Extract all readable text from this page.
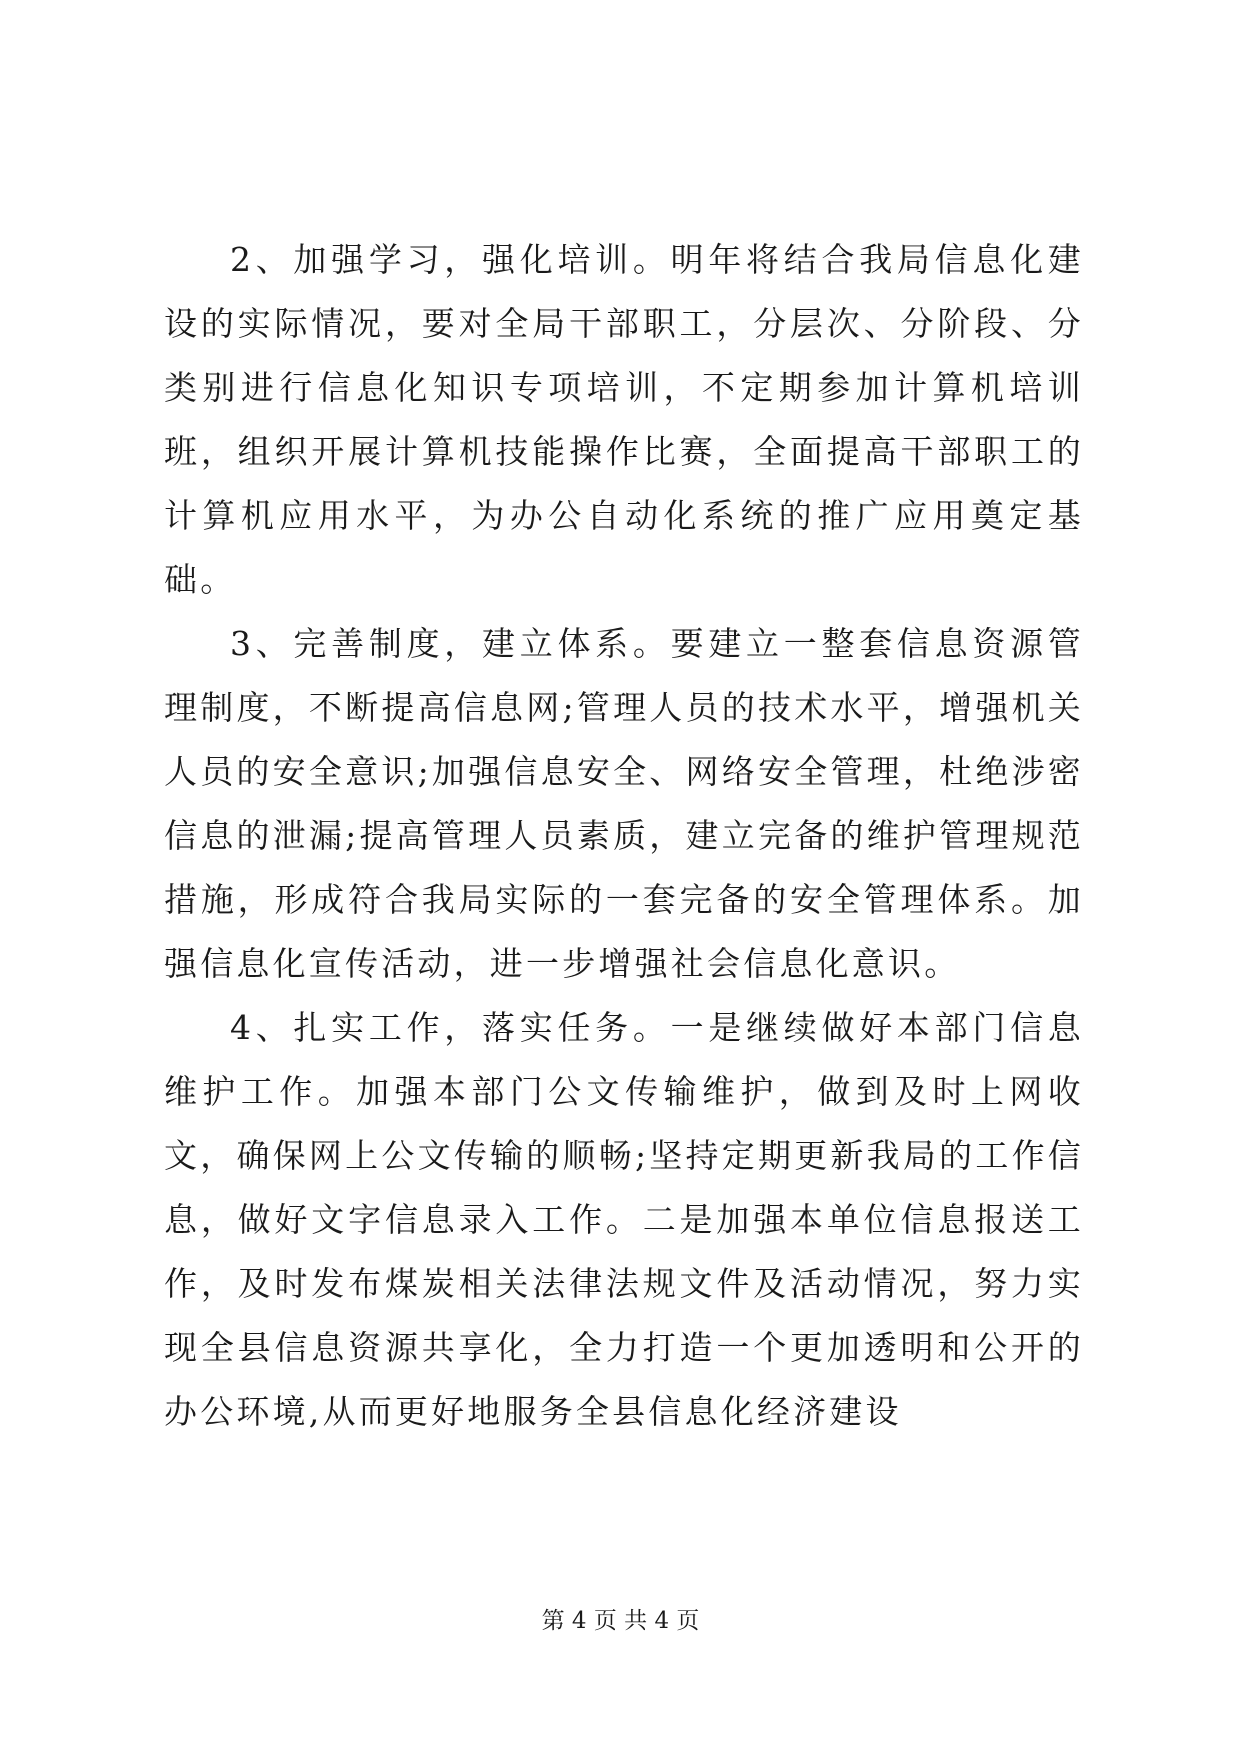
2、加强学习，强化培训。明年将结合我局信息化建设的实际情况，要对全局干部职工，分层次、分阶段、分类别进行信息化知识专项培训，不定期参加计算机培训班，组织开展计算机技能操作比赛，全面提高干部职工的计算机应用水平，为办公自动化系统的推广应用奠定基础。

3、完善制度，建立体系。要建立一整套信息资源管理制度，不断提高信息网;管理人员的技术水平，增强机关人员的安全意识;加强信息安全、网络安全管理，杜绝涉密信息的泄漏;提高管理人员素质，建立完备的维护管理规范措施，形成符合我局实际的一套完备的安全管理体系。加强信息化宣传活动，进一步增强社会信息化意识。

4、扎实工作，落实任务。一是继续做好本部门信息维护工作。加强本部门公文传输维护，做到及时上网收文，确保网上公文传输的顺畅;坚持定期更新我局的工作信息，做好文字信息录入工作。二是加强本单位信息报送工作，及时发布煤炭相关法律法规文件及活动情况，努力实现全县信息资源共享化，全力打造一个更加透明和公开的办公环境,从而更好地服务全县信息化经济建设

第 4 页 共 4 页
